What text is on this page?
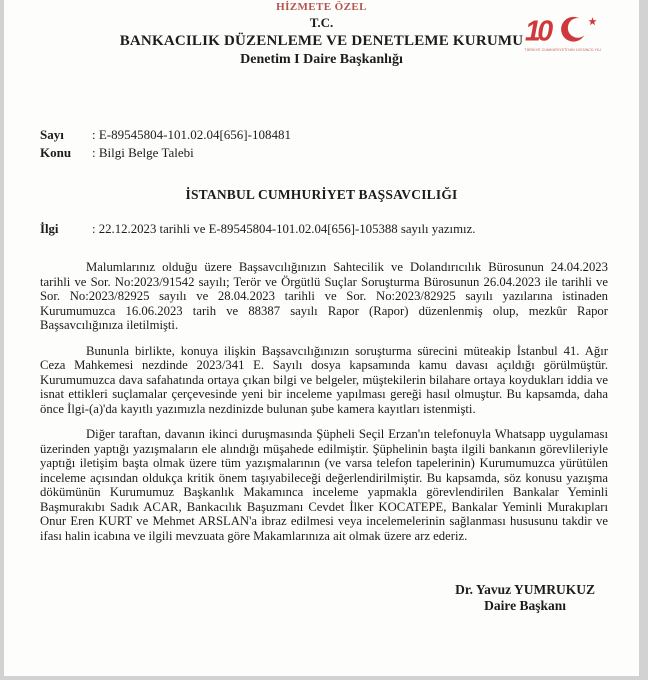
HİZMETE ÖZEL
T.C.
BANKACILIK DÜZENLEME VE DENETLEME KURUMU
Denetim I Daire Başkanlığı
1
0
TÜRKİYE CUMHURİYETİ'NİN 100'ÜNCÜ YILI
Sayı	: E-89545804-101.02.04[656]-108481
Konu	: Bilgi Belge Talebi
İSTANBUL CUMHURİYET BAŞSAVCILIĞI
İlgi	: 22.12.2023 tarihli ve E-89545804-101.02.04[656]-105388 sayılı yazımız.

Malumlarınız olduğu üzere Başsavcılığınızın Sahtecilik ve Dolandırıcılık Bürosunun 24.04.2023 tarihli ve Sor. No:2023/91542 sayılı; Terör ve Örgütlü Suçlar Soruşturma Bürosunun 26.04.2023 ile tarihli ve Sor. No:2023/82925 sayılı ve 28.04.2023 tarihli ve Sor. No:2023/82925 sayılı yazılarına istinaden Kurumumuzca 16.06.2023 tarih ve 88387 sayılı Rapor (Rapor) düzenlenmiş olup, mezkûr Rapor Başsavcılığınıza iletilmişti.

Bununla birlikte, konuya ilişkin Başsavcılığınızın soruşturma sürecini müteakip İstanbul 41. Ağır Ceza Mahkemesi nezdinde 2023/341 E. Sayılı dosya kapsamında kamu davası açıldığı görülmüştür. Kurumumuzca dava safahatında ortaya çıkan bilgi ve belgeler, müştekilerin bilahare ortaya koydukları iddia ve isnat ettikleri suçlamalar çerçevesinde yeni bir inceleme yapılması gereği hasıl olmuştur. Bu kapsamda, daha önce İlgi-(a)'da kayıtlı yazımızla nezdinizde bulunan şube kamera kayıtları istenmişti.

Diğer taraftan, davanın ikinci duruşmasında Şüpheli Seçil Erzan'ın telefonuyla Whatsapp uygulaması üzerinden yaptığı yazışmaların ele alındığı müşahede edilmiştir. Şüphelinin başta ilgili bankanın görevlileriyle yaptığı iletişim başta olmak üzere tüm yazışmalarının (ve varsa telefon tapelerinin) Kurumumuzca yürütülen inceleme açısından oldukça kritik önem taşıyabileceği değerlendirilmiştir. Bu kapsamda, söz konusu yazışma dökümünün Kurumumuz Başkanlık Makamınca inceleme yapmakla görevlendirilen Bankalar Yeminli Başmurakıbı Sadık ACAR, Bankacılık Başuzmanı Cevdet İlker KOCATEPE, Bankalar Yeminli Murakıpları Onur Eren KURT ve Mehmet ARSLAN'a ibraz edilmesi veya incelemelerinin sağlanması hususunu takdir ve ifası halin icabına ve ilgili mevzuata göre Makamlarınıza ait olmak üzere arz ederiz.

Dr. Yavuz YUMRUKUZ
Daire Başkanı
